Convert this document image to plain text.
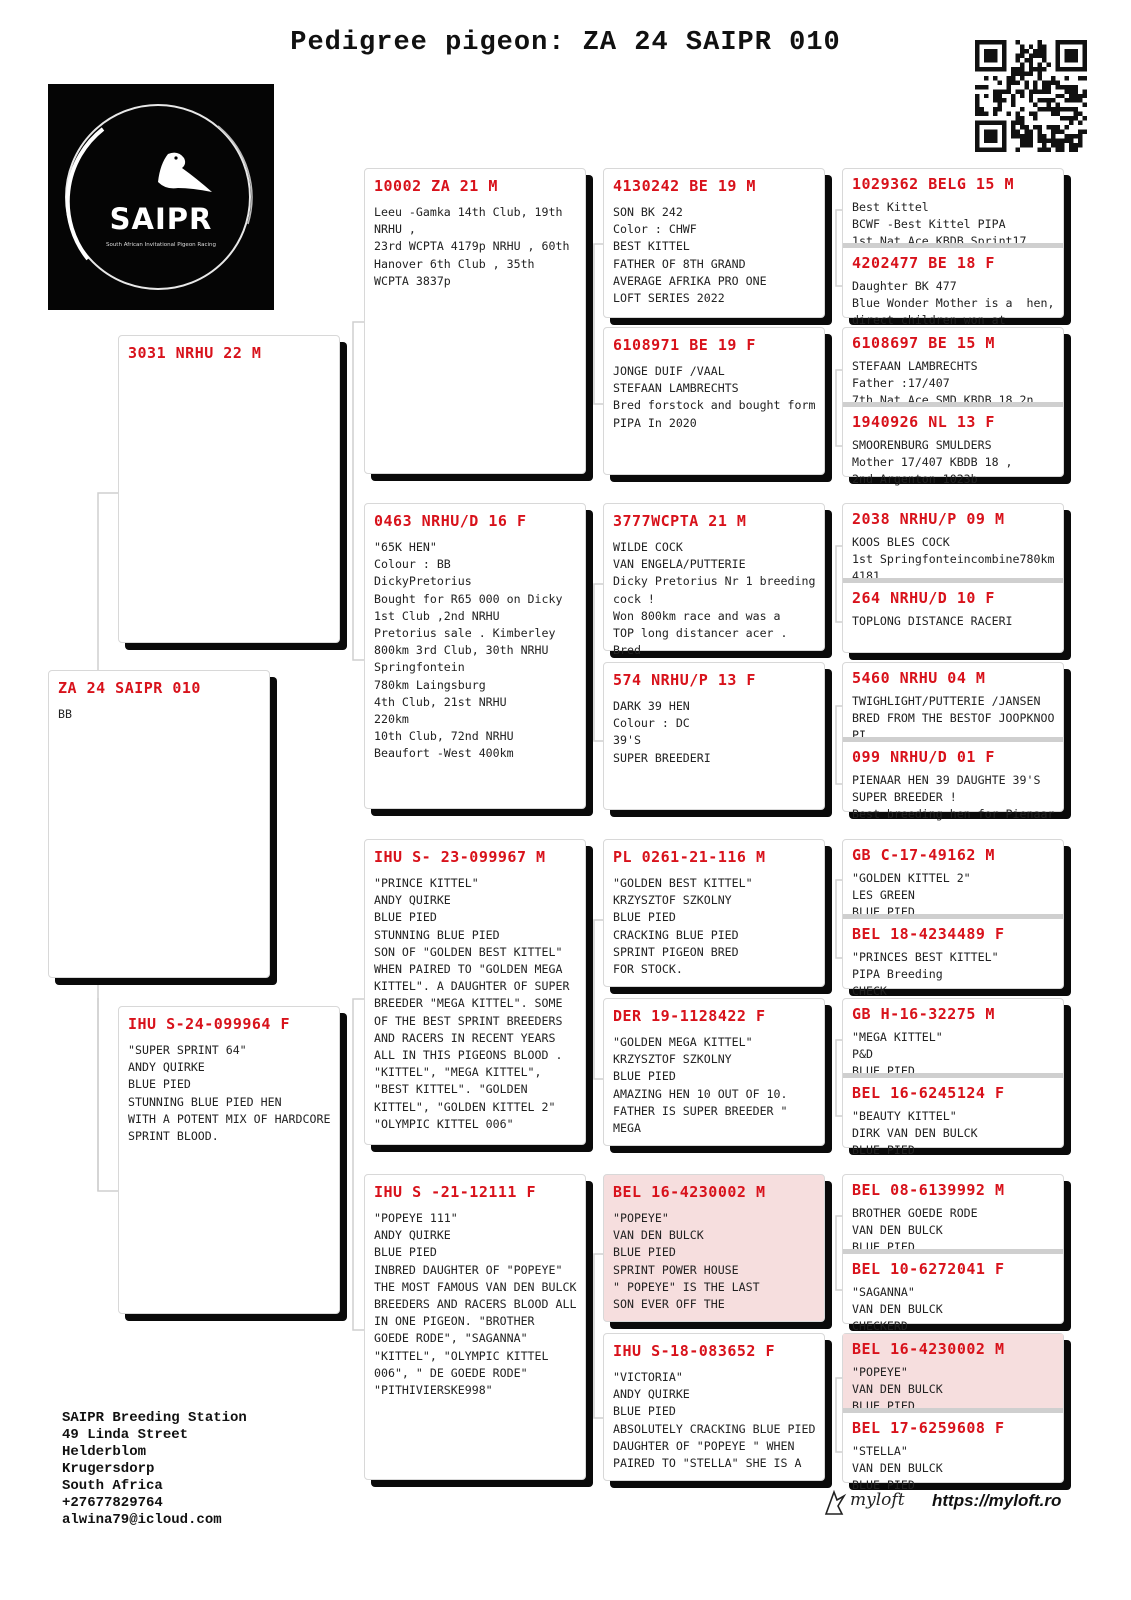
Pedigree pigeon: ZA 24 SAIPR 010
SAIPR
South African Invitational Pigeon Racing
ZA 24 SAIPR 010
BB
3031 NRHU 22 M
IHU S-24-099964 F
"SUPER SPRINT 64"
ANDY QUIRKE
BLUE PIED
STUNNING BLUE PIED HEN
WITH A POTENT MIX OF HARDCORE
SPRINT BLOOD.
10002 ZA 21 M
Leeu -Gamka 14th Club, 19th
NRHU ,
23rd WCPTA 4179p NRHU , 60th
Hanover 6th Club , 35th
WCPTA 3837p
0463 NRHU/D 16 F
"65K HEN"
Colour : BB
DickyPretorius
Bought for R65 000 on Dicky
1st Club ,2nd NRHU
Pretorius sale . Kimberley
800km 3rd Club, 30th NRHU
Springfontein
780km Laingsburg
4th Club, 21st NRHU
220km
10th Club, 72nd NRHU
Beaufort -West 400km
IHU S- 23-099967 M
"PRINCE KITTEL"
ANDY QUIRKE
BLUE PIED
STUNNING BLUE PIED
SON OF "GOLDEN BEST KITTEL"
WHEN PAIRED TO "GOLDEN MEGA
KITTEL". A DAUGHTER OF SUPER
BREEDER "MEGA KITTEL". SOME
OF THE BEST SPRINT BREEDERS
AND RACERS IN RECENT YEARS
ALL IN THIS PIGEONS BLOOD .
"KITTEL", "MEGA KITTEL",
"BEST KITTEL". "GOLDEN
KITTEL", "GOLDEN KITTEL 2"
"OLYMPIC KITTEL 006"
IHU S -21-12111 F
"POPEYE 111"
ANDY QUIRKE
BLUE PIED
INBRED DAUGHTER OF "POPEYE"
THE MOST FAMOUS VAN DEN BULCK
BREEDERS AND RACERS BLOOD ALL
IN ONE PIGEON. "BROTHER
GOEDE RODE", "SAGANNA"
"KITTEL", "OLYMPIC KITTEL
006", " DE GOEDE RODE"
"PITHIVIERSKE998"
4130242 BE 19 M
SON BK 242
Color : CHWF
BEST KITTEL
FATHER OF 8TH GRAND
AVERAGE AFRIKA PRO ONE
LOFT SERIES 2022
6108971 BE 19 F
JONGE DUIF /VAAL
STEFAAN LAMBRECHTS
Bred forstock and bought form
PIPA In 2020
3777WCPTA 21 M
WILDE COCK
VAN ENGELA/PUTTERIE
Dicky Pretorius Nr 1 breeding
cock !
Won 800km race and was a
TOP long distancer acer . Bred
574 NRHU/P 13 F
DARK 39 HEN
Colour : DC
39'S
SUPER BREEDERI
PL 0261-21-116 M
"GOLDEN BEST KITTEL"
KRZYSZTOF SZKOLNY
BLUE PIED
CRACKING BLUE PIED
SPRINT PIGEON BRED
FOR STOCK.
DER 19-1128422 F
"GOLDEN MEGA KITTEL"
KRZYSZTOF SZKOLNY
BLUE PIED
AMAZING HEN 10 OUT OF 10.
FATHER IS SUPER BREEDER "
MEGA
BEL 16-4230002 M
"POPEYE"
VAN DEN BULCK
BLUE PIED
SPRINT POWER HOUSE
" POPEYE" IS THE LAST
SON EVER OFF THE
IHU S-18-083652 F
"VICTORIA"
ANDY QUIRKE
BLUE PIED
ABSOLUTELY CRACKING BLUE PIED
DAUGHTER OF "POPEYE " WHEN
PAIRED TO "STELLA" SHE IS A
1029362 BELG 15 M
Best Kittel
BCWF -Best Kittel PIPA
1st Nat Ace KBDB Sprint17
4202477 BE 18 F
Daughter BK 477
Blue Wonder Mother is a  hen,
direct children won at
6108697 BE 15 M
STEFAAN LAMBRECHTS
Father :17/407
7th Nat Ace SMD KBDB 18 2n
1940926 NL 13 F
SMOORENBURG SMULDERS
Mother 17/407 KBDB 18 ,
2nd Argenton 1023b
2038 NRHU/P 09 M
KOOS BLES COCK
1st Springfonteincombine780km
4181
264 NRHU/D 10 F
TOPLONG DISTANCE RACERI
5460 NRHU 04 M
TWIGHLIGHT/PUTTERIE /JANSEN
BRED FROM THE BESTOF JOOPKNOO
PI
099 NRHU/D 01 F
PIENAAR HEN 39 DAUGHTE 39'S
SUPER BREEDER !
Best breeding hen for Pienaar
GB C-17-49162 M
"GOLDEN KITTEL 2"
LES GREEN
BLUE PIED
BEL 18-4234489 F
"PRINCES BEST KITTEL"
PIPA Breeding
CHECK
GB H-16-32275 M
"MEGA KITTEL"
P&D
BLUE PIED
BEL 16-6245124 F
"BEAUTY KITTEL"
DIRK VAN DEN BULCK
BLUE PIED
BEL 08-6139992 M
BROTHER GOEDE RODE
VAN DEN BULCK
BLUE PIED
BEL 10-6272041 F
"SAGANNA"
VAN DEN BULCK
CHECKERD
BEL 16-4230002 M
"POPEYE"
VAN DEN BULCK
BLUE PIED
BEL 17-6259608 F
"STELLA"
VAN DEN BULCK
BLUE PIED
SAIPR Breeding Station
49 Linda Street
Helderblom
Krugersdorp
South Africa
+27677829764
alwina79@icloud.com
myloft https://myloft.ro
